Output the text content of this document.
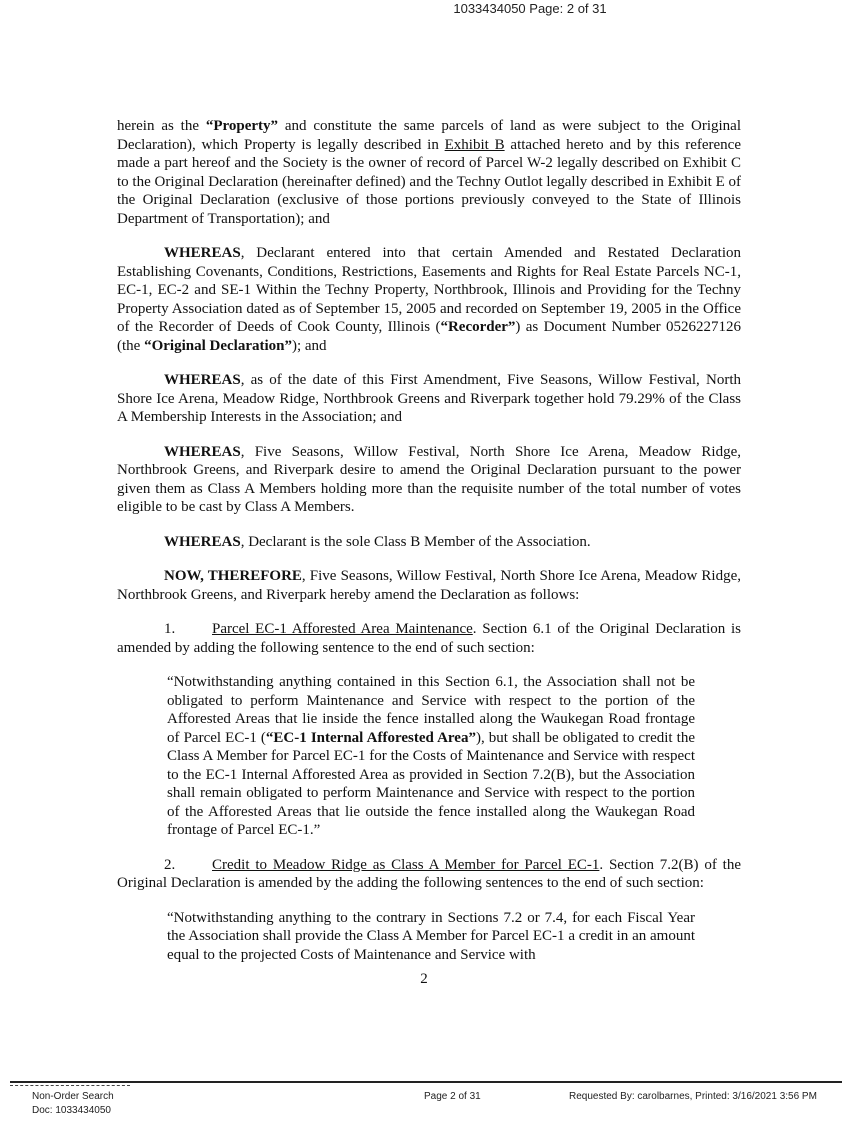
1033434050 Page: 2 of 31

herein as the “Property” and constitute the same parcels of land as were subject to the Original Declaration), which Property is legally described in Exhibit B attached hereto and by this reference made a part hereof and the Society is the owner of record of Parcel W-2 legally described on Exhibit C to the Original Declaration (hereinafter defined) and the Techny Outlot legally described in Exhibit E of the Original Declaration (exclusive of those portions previously conveyed to the State of Illinois Department of Transportation); and

WHEREAS, Declarant entered into that certain Amended and Restated Declaration Establishing Covenants, Conditions, Restrictions, Easements and Rights for Real Estate Parcels NC-1, EC-1, EC-2 and SE-1 Within the Techny Property, Northbrook, Illinois and Providing for the Techny Property Association dated as of September 15, 2005 and recorded on September 19, 2005 in the Office of the Recorder of Deeds of Cook County, Illinois (“Recorder”) as Document Number 0526227126 (the “Original Declaration”); and

WHEREAS, as of the date of this First Amendment, Five Seasons, Willow Festival, North Shore Ice Arena, Meadow Ridge, Northbrook Greens and Riverpark together hold 79.29% of the Class A Membership Interests in the Association; and

WHEREAS, Five Seasons, Willow Festival, North Shore Ice Arena, Meadow Ridge, Northbrook Greens, and Riverpark desire to amend the Original Declaration pursuant to the power given them as Class A Members holding more than the requisite number of the total number of votes eligible to be cast by Class A Members.

WHEREAS, Declarant is the sole Class B Member of the Association.

NOW, THEREFORE, Five Seasons, Willow Festival, North Shore Ice Arena, Meadow Ridge, Northbrook Greens, and Riverpark hereby amend the Declaration as follows:

1. Parcel EC-1 Afforested Area Maintenance. Section 6.1 of the Original Declaration is amended by adding the following sentence to the end of such section:

“Notwithstanding anything contained in this Section 6.1, the Association shall not be obligated to perform Maintenance and Service with respect to the portion of the Afforested Areas that lie inside the fence installed along the Waukegan Road frontage of Parcel EC-1 (“EC-1 Internal Afforested Area”), but shall be obligated to credit the Class A Member for Parcel EC-1 for the Costs of Maintenance and Service with respect to the EC-1 Internal Afforested Area as provided in Section 7.2(B), but the Association shall remain obligated to perform Maintenance and Service with respect to the portion of the Afforested Areas that lie outside the fence installed along the Waukegan Road frontage of Parcel EC-1.”

2. Credit to Meadow Ridge as Class A Member for Parcel EC-1. Section 7.2(B) of the Original Declaration is amended by the adding the following sentences to the end of such section:

“Notwithstanding anything to the contrary in Sections 7.2 or 7.4, for each Fiscal Year the Association shall provide the Class A Member for Parcel EC-1 a credit in an amount equal to the projected Costs of Maintenance and Service with

2
Non-Order Search
Doc: 1033434050
Page 2 of 31	Requested By: carolbarnes, Printed: 3/16/2021 3:56 PM
